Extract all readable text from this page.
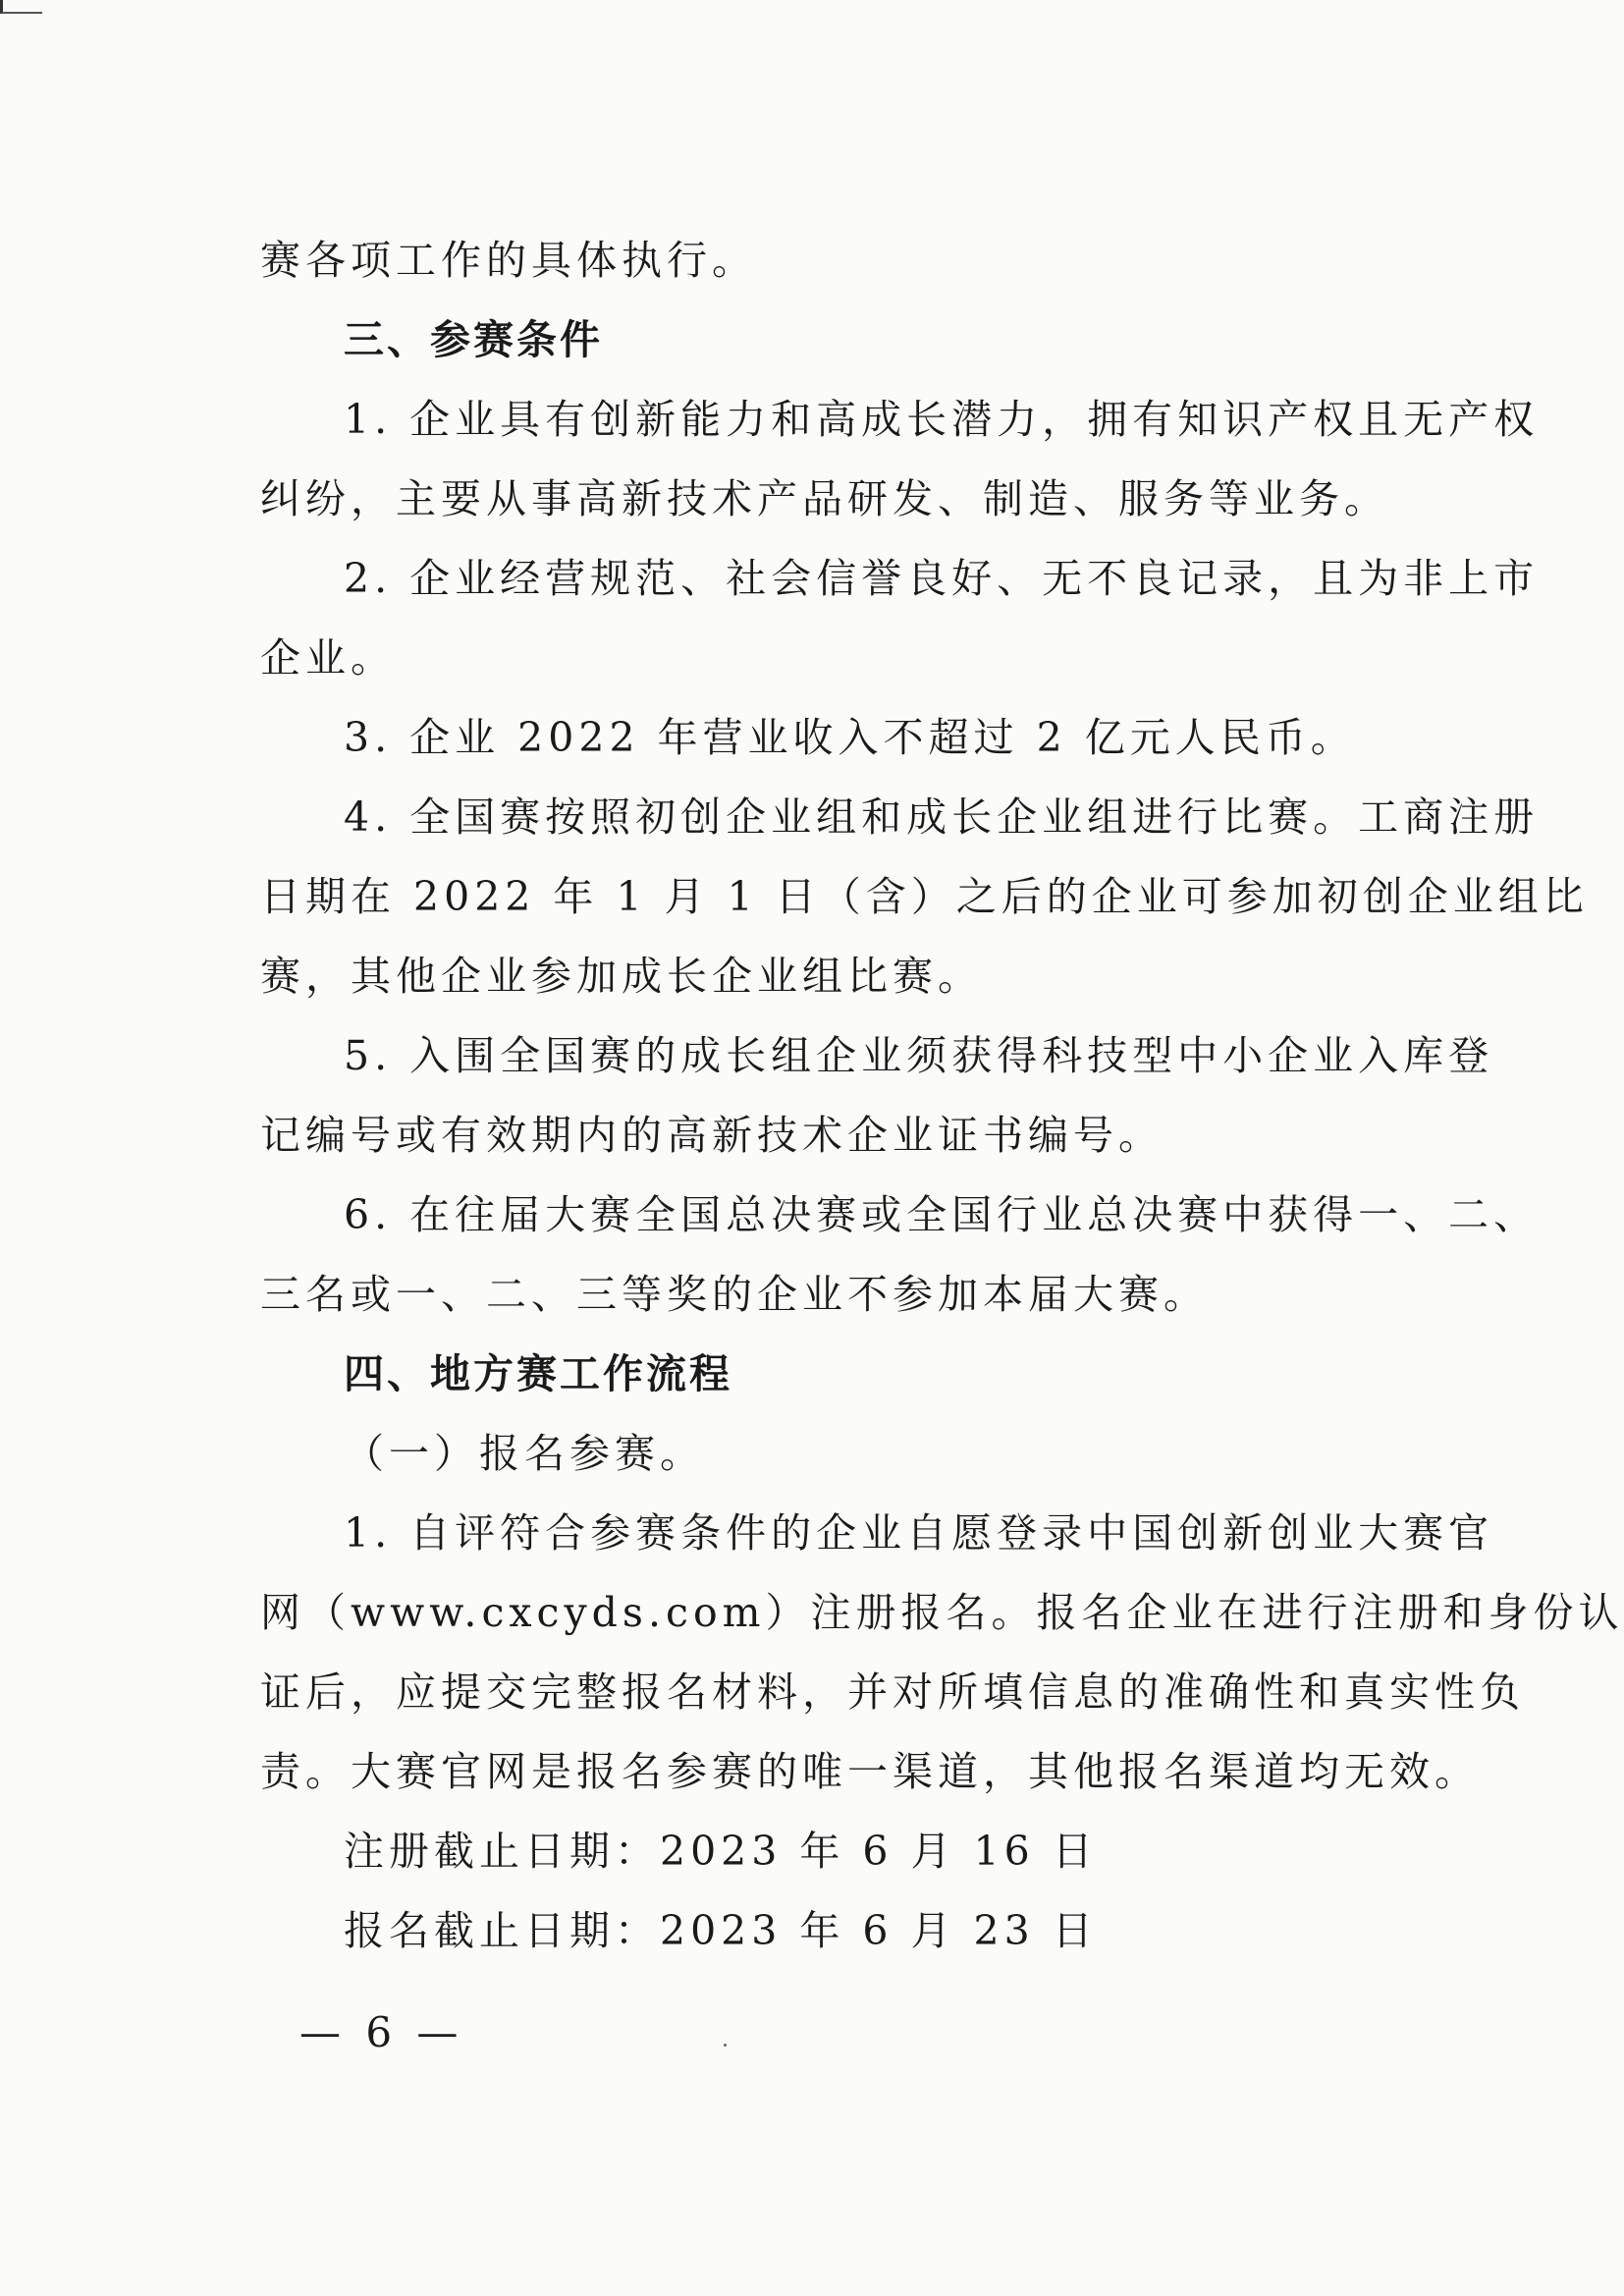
赛各项工作的具体执行。
三、参赛条件
1. 企业具有创新能力和高成长潜力，拥有知识产权且无产权
纠纷，主要从事高新技术产品研发、制造、服务等业务。
2. 企业经营规范、社会信誉良好、无不良记录，且为非上市
企业。
3. 企业 2022 年营业收入不超过 2 亿元人民币。
4. 全国赛按照初创企业组和成长企业组进行比赛。工商注册
日期在 2022 年 1 月 1 日（含）之后的企业可参加初创企业组比
赛，其他企业参加成长企业组比赛。
5. 入围全国赛的成长组企业须获得科技型中小企业入库登
记编号或有效期内的高新技术企业证书编号。
6. 在往届大赛全国总决赛或全国行业总决赛中获得一、二、
三名或一、二、三等奖的企业不参加本届大赛。
四、地方赛工作流程
（一）报名参赛。
1. 自评符合参赛条件的企业自愿登录中国创新创业大赛官
网（www.cxcyds.com）注册报名。报名企业在进行注册和身份认
证后，应提交完整报名材料，并对所填信息的准确性和真实性负
责。大赛官网是报名参赛的唯一渠道，其他报名渠道均无效。
注册截止日期：2023 年 6 月 16 日
报名截止日期：2023 年 6 月 23 日
— 6 —
